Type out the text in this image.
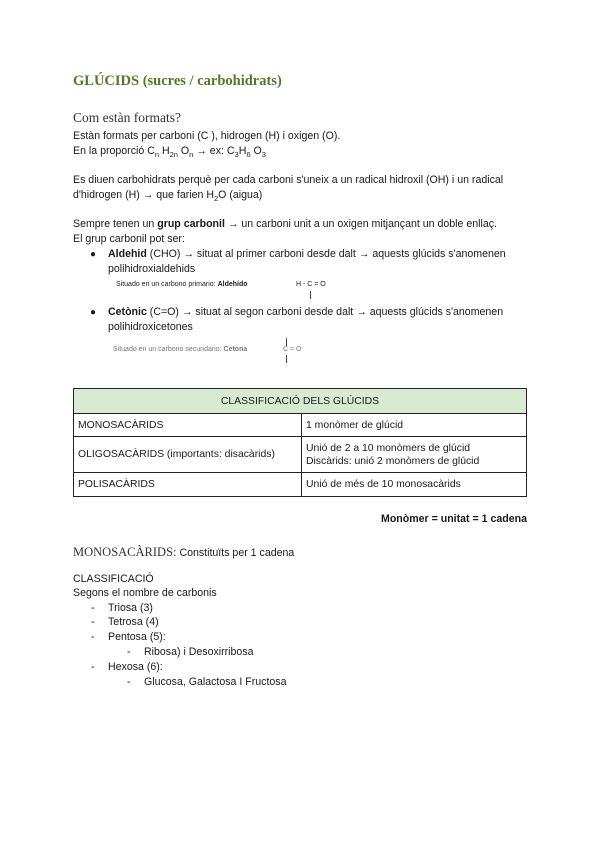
GLÚCIDS (sucres / carbohidrats)
Com estàn formats?
Estàn formats per carboni (C ), hidrogen (H) i oxigen (O).
En la proporció $C_n$ $H_{2n}$ $O_n$ → ex: $C_3H_6$ $O_3$
Es diuen carbohidrats perquè per cada carboni s'uneix a un radical hidroxil (OH) i un radical
d'hidrogen (H) → que farien $H_2O$ (aigua)
Sempre tenen un grup carbonil → un carboni unit a un oxigen mitjançant un doble enllaç.
El grup carbonil pot ser:
● Aldehid (CHO) → situat al primer carboni desde dalt → aquests glúcids s'anomenen
polihidroxialdehids
Situado en un carbono primario: Aldehído	H - C = O
● Cetònic (C=O) → situat al segon carboni desde dalt → aquests glúcids s'anomenen
polihidroxicetones
Situado en un carbono secundario: Cetona	C = O
CLASSIFICACIÓ DELS GLÚCIDS	
MONOSACÀRIDS	1 monòmer de glúcid
OLIGOSACÀRIDS (importants: disacàrids)	Unió de 2 a 10 monòmers de glúcid
Discàrids: unió 2 monòmers de glúcid

POLISACÀRIDS	Unió de més de 10 monosacàrids
Monòmer = unitat = 1 cadena
MONOSACÀRIDS: Constituïts per 1 cadena
CLASSIFICACIÓ
Segons el nombre de carbonis
- Triosa (3)
- Tetrosa (4)
- Pentosa (5):
- Ribosa) i Desoxirribosa
- Hexosa (6):
- Glucosa, Galactosa I Fructosa
